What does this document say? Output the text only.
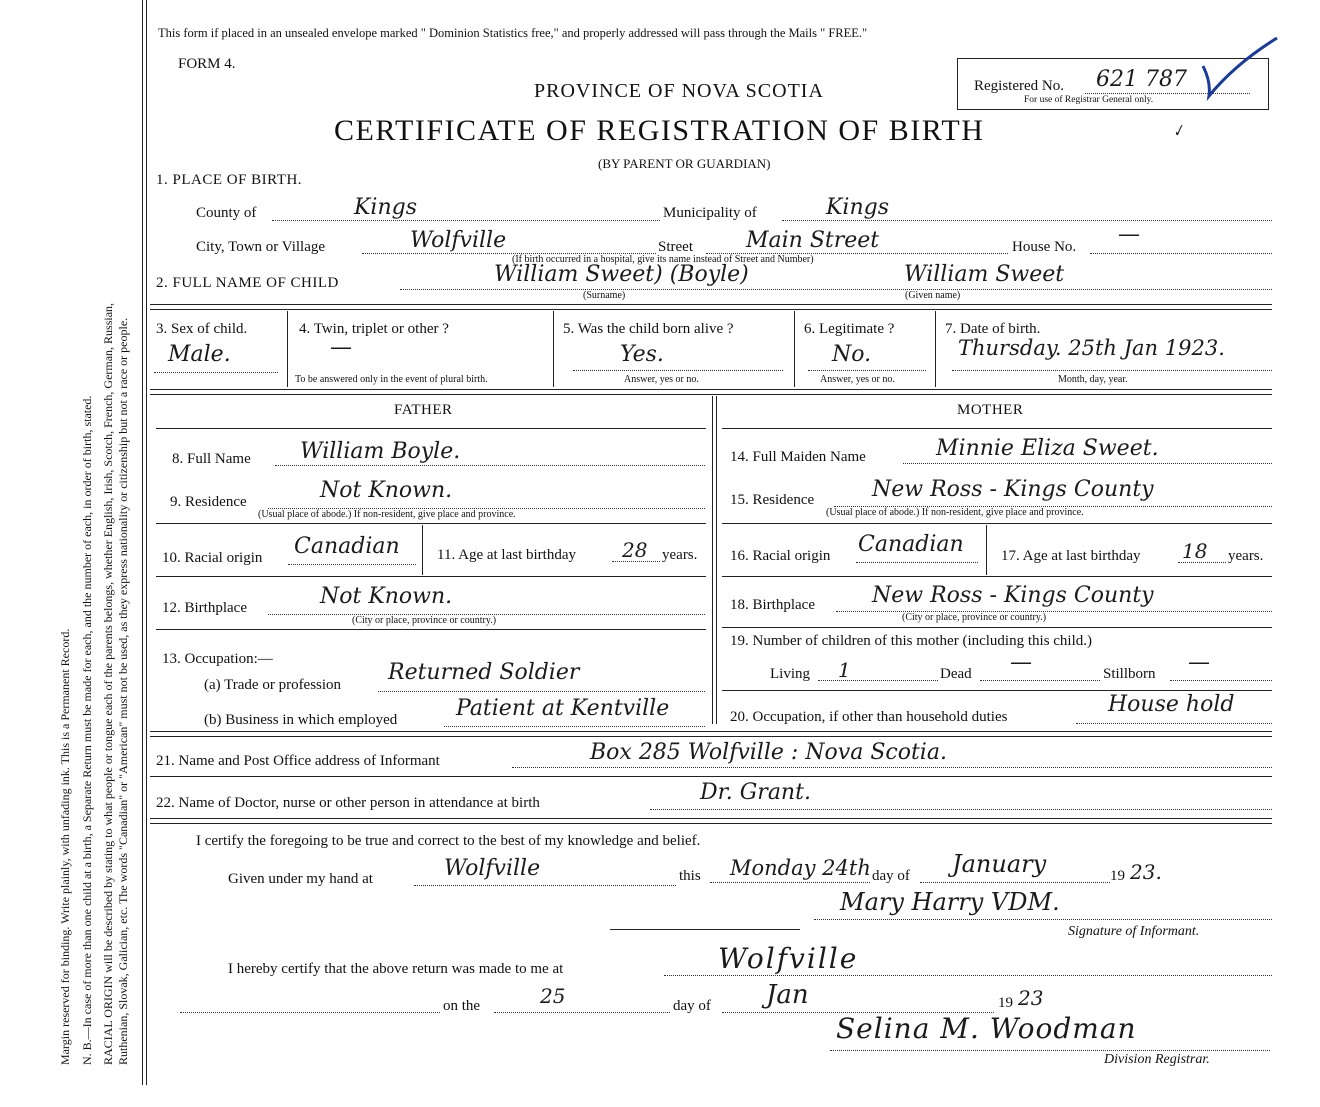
Margin reserved for binding. Write plainly, with unfading ink. This is a Permanent Record. N. B.—In case of more than one child at a birth, a Separate Return must be made for each, and the number of each, in order of birth, stated. RACIAL ORIGIN will be described by stating to what people or tongue each of the parents belongs, whether English, Irish, Scotch, French, German, Russian, Ruthenian, Slovak, Galician, etc. The words "Canadian" or "American" must not be used, as they express nationality or citizenship but not a race or people.
This form if placed in an unsealed envelope marked " Dominion Statistics free," and properly addressed will pass through the Mails " FREE."
FORM 4.
PROVINCE OF NOVA SCOTIA
CERTIFICATE OF REGISTRATION OF BIRTH
(BY PARENT OR GUARDIAN)
Registered No. 621 787
For use of Registrar General only.
✓
1. PLACE OF BIRTH.
County of	Kings	Municipality of	Kings
City, Town or Village	Wolfville	Street Main Street	House No. —
(If birth occurred in a hospital, give its name instead of Street and Number)
2. FULL NAME OF CHILD	William Sweet) (Boyle)	William Sweet
(Surname)	(Given name)
3. Sex of child.
Male.
4. Twin, triplet or other ?
—
To be answered only in the event of plural birth.
5. Was the child born alive ?
Yes.
Answer, yes or no.
6. Legitimate ?
No.
Answer, yes or no.
7. Date of birth.
Thursday. 25th Jan 1923.
Month, day, year.
FATHER	MOTHER
8. Full Name William Boyle.
9. Residence	Not Known.
(Usual place of abode.) If non-resident, give place and province.
10. Racial origin Canadian 11. Age at last birthday 28 years.
12. Birthplace	Not Known.
(City or place, province or country.)
13. Occupation:—
(a) Trade or profession Returned Soldier
(b) Business in which employed	Patient at Kentville
14. Full Maiden Name	Minnie Eliza Sweet.
15. Residence	New Ross - Kings County
(Usual place of abode.) If non-resident, give place and province.
16. Racial origin Canadian 17. Age at last birthday 18 years.
18. Birthplace	New Ross - Kings County
(City or place, province or country.)
19. Number of children of this mother (including this child.)
Living 1	Dead —	Stillborn —
20. Occupation, if other than household duties	House hold
21. Name and Post Office address of Informant	Box 285 Wolfville : Nova Scotia.
22. Name of Doctor, nurse or other person in attendance at birth	Dr. Grant.
I certify the foregoing to be true and correct to the best of my knowledge and belief.
Given under my hand at	Wolfville	this Monday 24th day of January	19 23.
Mary Harry VDM.
Signature of Informant.
I hereby certify that the above return was made to me at	Wolfville
on the	25	day of Jan	19 23
Selina M. Woodman
Division Registrar.
